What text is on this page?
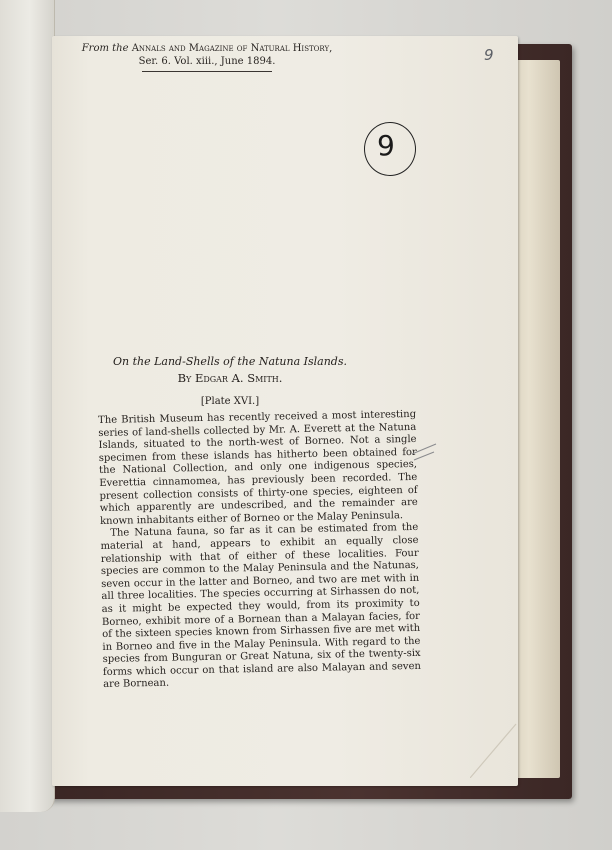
From the Annals and Magazine of Natural History,
Ser. 6. Vol. xiii., June 1894.	9
9
On the Land-Shells of the Natuna Islands.
By Edgar A. Smith.
[Plate XVI.]

The British Museum has recently received a most interesting series of land-shells collected by Mr. A. Everett at the Natuna Islands, situated to the north-west of Borneo. Not a single specimen from these islands has hitherto been obtained for the National Collection, and only one indigenous species, Everettia cinnamomea, has previously been recorded. The present collection consists of thirty-one species, eighteen of which apparently are undescribed, and the remainder are known inhabitants either of Borneo or the Malay Peninsula.

The Natuna fauna, so far as it can be estimated from the material at hand, appears to exhibit an equally close relationship with that of either of these localities. Four species are common to the Malay Peninsula and the Natunas, seven occur in the latter and Borneo, and two are met with in all three localities. The species occurring at Sirhassen do not, as it might be expected they would, from its proximity to Borneo, exhibit more of a Bornean than a Malayan facies, for of the sixteen species known from Sirhassen five are met with in Borneo and five in the Malay Peninsula. With regard to the species from Bunguran or Great Natuna, six of the twenty-six forms which occur on that island are also Malayan and seven are Bornean.
